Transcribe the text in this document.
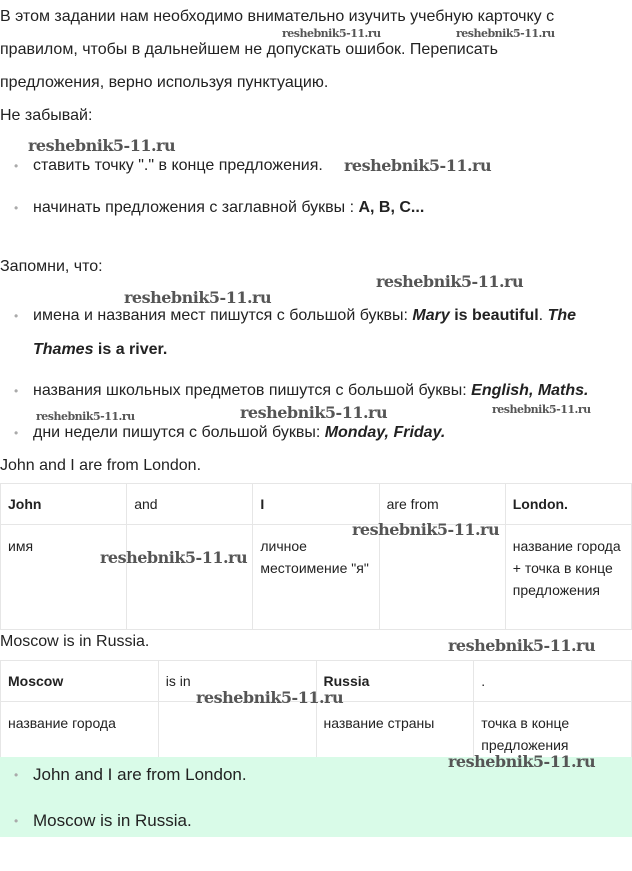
В этом задании нам необходимо внимательно изучить учебную карточку с
правилом, чтобы в дальнейшем не допускать ошибок. Переписать
предложения, верно используя пунктуацию.
Не забывай:
• ставить точку "." в конце предложения.
• начинать предложения с заглавной буквы : A, B, C...
Запомни, что:
• имена и названия мест пишутся с большой буквы: Mary is beautiful. The
Thames is a river.
• названия школьных предметов пишутся с большой буквы: English, Maths.
• дни недели пишутся с большой буквы: Monday, Friday.
John and I are from London.
John	and	I	are from	London.
имя		личное местоимение "я"		название города + точка в конце предложения
Moscow is in Russia.
Moscow	is in	Russia	.
название города		название страны	точка в конце предложения
• John and I are from London.
• Moscow is in Russia.
reshebnik5-11.ru	reshebnik5-11.ru
reshebnik5-11.ru
reshebnik5-11.ru
reshebnik5-11.ru
reshebnik5-11.ru
reshebnik5-11.ru	reshebnik5-11.ru	reshebnik5-11.ru
reshebnik5-11.ru
reshebnik5-11.ru
reshebnik5-11.ru
reshebnik5-11.ru
reshebnik5-11.ru
